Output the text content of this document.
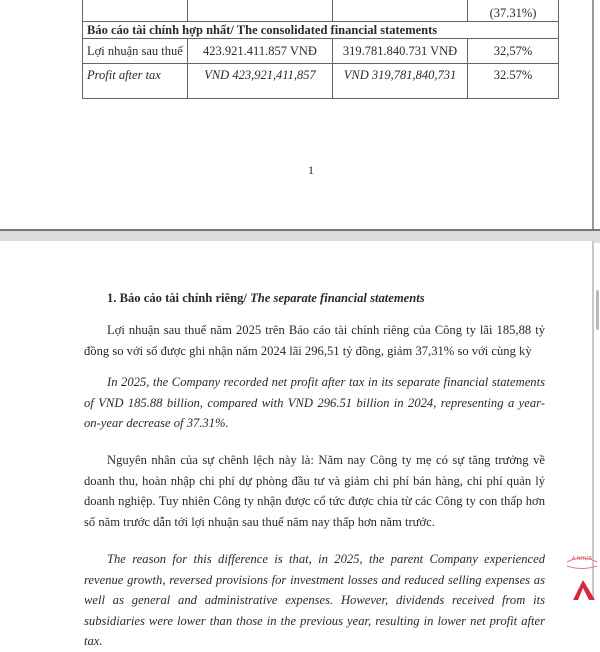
			(37.31%)
Báo cáo tài chính hợp nhất/ The consolidated financial statements			
Lợi nhuận sau thuế	423.921.411.857 VNĐ	319.781.840.731 VNĐ	32,57%
Profit after tax	VND 423,921,411,857	VND 319,781,840,731	32.57%
1
1. Báo cáo tài chính riêng/ The separate financial statements
Lợi nhuận sau thuế năm 2025 trên Báo cáo tài chính riêng của Công ty lãi 185,88 tỷ đồng so với số được ghi nhận năm 2024 lãi 296,51 tỷ đồng, giảm 37,31% so với cùng kỳ
In 2025, the Company recorded net profit after tax in its separate financial statements of VND 185.88 billion, compared with VND 296.51 billion in 2024, representing a year-on-year decrease of 37.31%.
Nguyên nhân của sự chênh lệch này là: Năm nay Công ty mẹ có sự tăng trưởng về doanh thu, hoàn nhập chi phí dự phòng đầu tư và giảm chi phí bán hàng, chi phí quản lý doanh nghiệp. Tuy nhiên Công ty nhận được cổ tức được chia từ các Công ty con thấp hơn số năm trước dẫn tới lợi nhuận sau thuế năm nay thấp hơn năm trước.
The reason for this difference is that, in 2025, the parent Company experienced revenue growth, reversed provisions for investment losses and reduced selling expenses as well as general and administrative expenses. However, dividends received from its subsidiaries were lower than those in the previous year, resulting in lower net profit after tax.
A NHỰA
